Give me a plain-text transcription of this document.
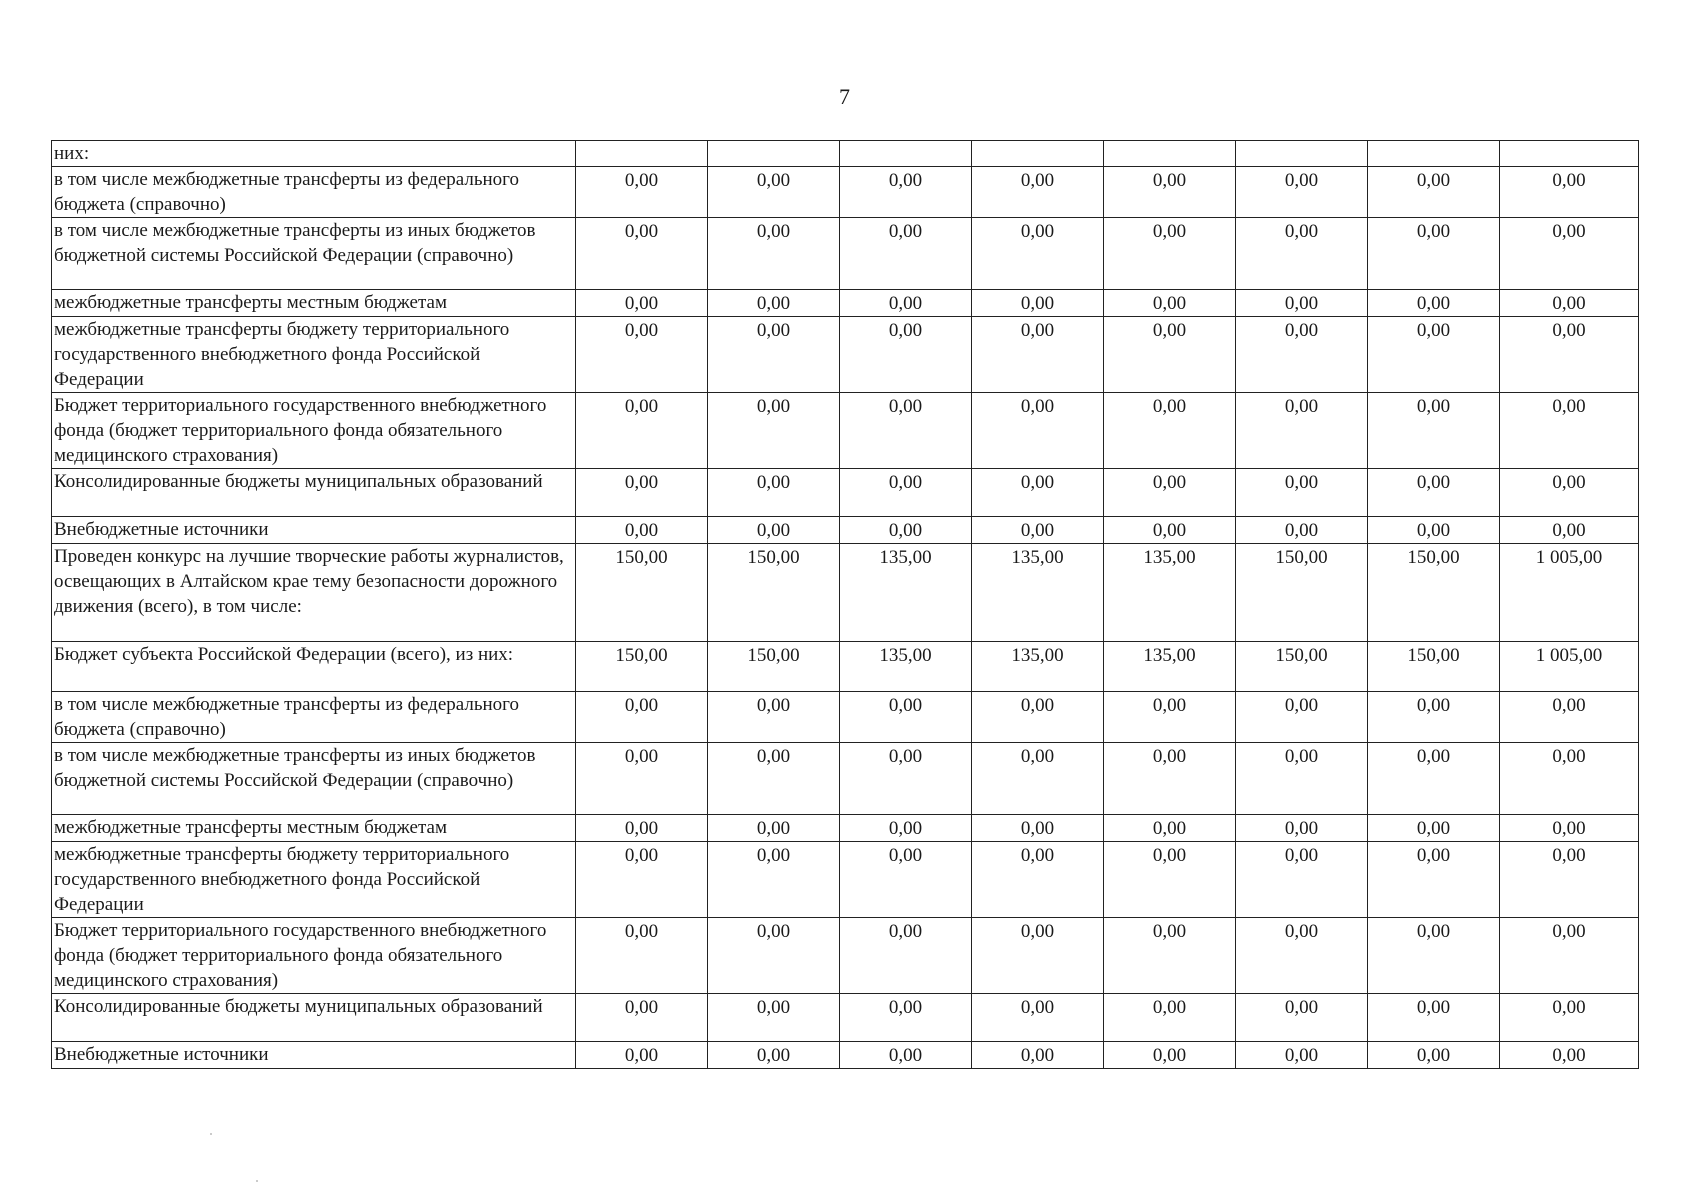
7
них:								
в том числе межбюджетные трансферты из федерального бюджета (справочно)	0,00	0,00	0,00	0,00	0,00	0,00	0,00	0,00
в том числе межбюджетные трансферты из иных бюджетов бюджетной системы Российской Федерации (справочно)	0,00	0,00	0,00	0,00	0,00	0,00	0,00	0,00
межбюджетные трансферты местным бюджетам	0,00	0,00	0,00	0,00	0,00	0,00	0,00	0,00
межбюджетные трансферты бюджету территориального государственного внебюджетного фонда Российской Федерации	0,00	0,00	0,00	0,00	0,00	0,00	0,00	0,00
Бюджет территориального государственного внебюджетного фонда (бюджет территориального фонда обязательного медицинского страхования)	0,00	0,00	0,00	0,00	0,00	0,00	0,00	0,00
Консолидированные бюджеты муниципальных образований	0,00	0,00	0,00	0,00	0,00	0,00	0,00	0,00
Внебюджетные источники	0,00	0,00	0,00	0,00	0,00	0,00	0,00	0,00
Проведен конкурс на лучшие творческие работы журналистов, освещающих в Алтайском крае тему безопасности дорожного движения (всего), в том числе:	150,00	150,00	135,00	135,00	135,00	150,00	150,00	1 005,00
Бюджет субъекта Российской Федерации (всего), из них:	150,00	150,00	135,00	135,00	135,00	150,00	150,00	1 005,00
в том числе межбюджетные трансферты из федерального бюджета (справочно)	0,00	0,00	0,00	0,00	0,00	0,00	0,00	0,00
в том числе межбюджетные трансферты из иных бюджетов бюджетной системы Российской Федерации (справочно)	0,00	0,00	0,00	0,00	0,00	0,00	0,00	0,00
межбюджетные трансферты местным бюджетам	0,00	0,00	0,00	0,00	0,00	0,00	0,00	0,00
межбюджетные трансферты бюджету территориального государственного внебюджетного фонда Российской Федерации	0,00	0,00	0,00	0,00	0,00	0,00	0,00	0,00
Бюджет территориального государственного внебюджетного фонда (бюджет территориального фонда обязательного медицинского страхования)	0,00	0,00	0,00	0,00	0,00	0,00	0,00	0,00
Консолидированные бюджеты муниципальных образований	0,00	0,00	0,00	0,00	0,00	0,00	0,00	0,00
Внебюджетные источники	0,00	0,00	0,00	0,00	0,00	0,00	0,00	0,00
